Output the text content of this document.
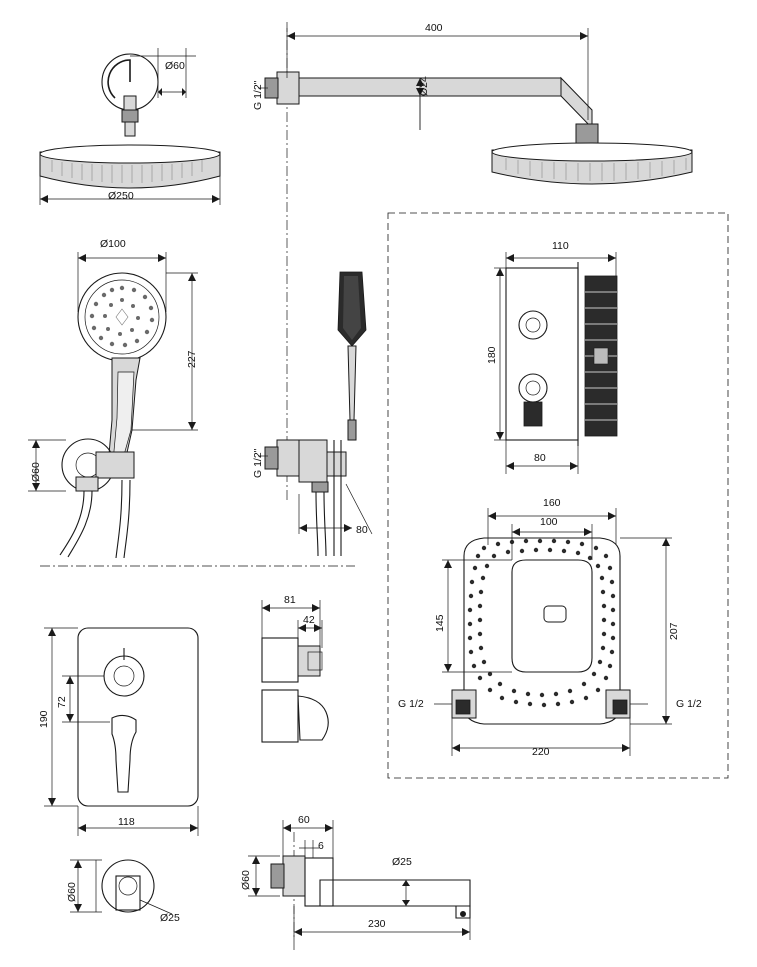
Ø60
Ø250
400
Ø24
G 1/2"
Ø100
227
Ø60	G 1/2"
80
110
180
80
160
100
145	207
220
G 1/2	G 1/2
190
72
118
81
42
Ø60
Ø25
60
6
Ø60
Ø25
230
